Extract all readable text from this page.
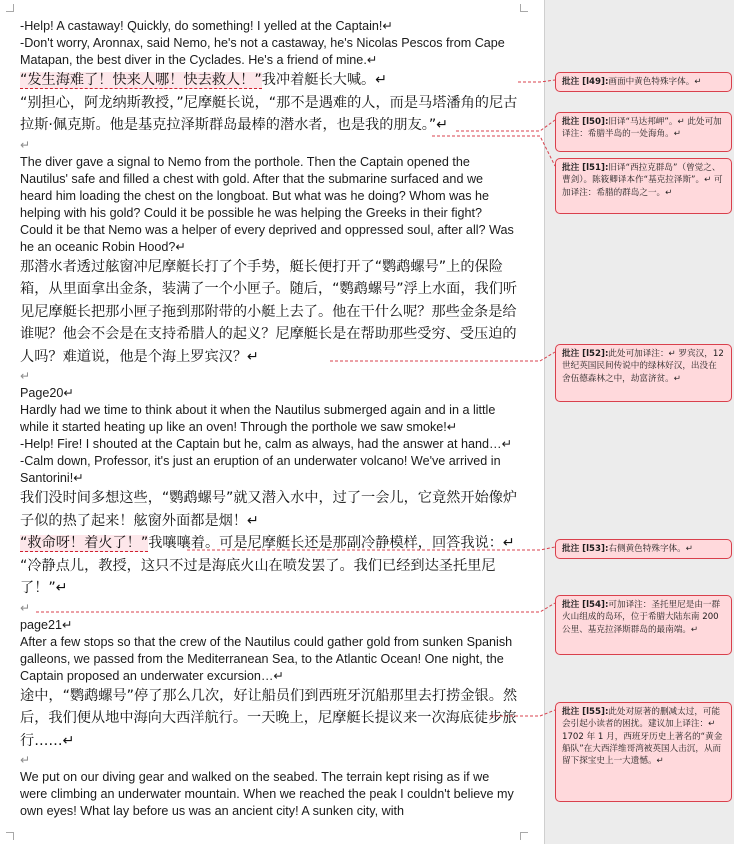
-Help! A castaway! Quickly, do something! I yelled at the Captain!↵
-Don't worry, Aronnax, said Nemo, he's not a castaway, he's Nicolas Pescos from Cape Matapan, the best diver in the Cyclades. He's a friend of mine.↵
“发生海难了！快来人哪！快去救人！”我冲着艇长大喊。↵
“别担心，阿龙纳斯教授，”尼摩艇长说，“那不是遇难的人，而是马塔潘角的尼古拉斯·佩克斯。他是基克拉泽斯群岛最棒的潜水者，也是我的朋友。”↵
↵
The diver gave a signal to Nemo from the porthole. Then the Captain opened the Nautilus' safe and filled a chest with gold. After that the submarine surfaced and we heard him loading the chest on the longboat. But what was he doing? Whom was he helping with his gold? Could it be possible he was helping the Greeks in their fight? Could it be that Nemo was a helper of every deprived and oppressed soul, after all? Was he an oceanic Robin Hood?↵
那潜水者透过舷窗冲尼摩艇长打了个手势，艇长便打开了“鹦鹉螺号”上的保险箱，从里面拿出金条，装满了一个小匣子。随后，“鹦鹉螺号”浮上水面，我们听见尼摩艇长把那小匣子拖到那附带的小艇上去了。他在干什么呢？那些金条是给谁呢？他会不会是在支持希腊人的起义？尼摩艇长是在帮助那些受穷、受压迫的人吗？难道说，他是个海上罗宾汉？↵
↵
Page20↵
Hardly had we time to think about it when the Nautilus submerged again and in a little while it started heating up like an oven! Through the porthole we saw smoke!↵
-Help! Fire! I shouted at the Captain but he, calm as always, had the answer at hand…↵
-Calm down, Professor, it's just an eruption of an underwater volcano! We've arrived in Santorini!↵
我们没时间多想这些，“鹦鹉螺号”就又潜入水中，过了一会儿，它竟然开始像炉子似的热了起来！舷窗外面都是烟！↵
“救命呀！着火了！”我嚷嚷着。可是尼摩艇长还是那副冷静模样，回答我说：↵
“冷静点儿，教授，这只不过是海底火山在喷发罢了。我们已经到达圣托里尼了！”↵
↵
page21↵
After a few stops so that the crew of the Nautilus could gather gold from sunken Spanish galleons, we passed from the Mediterranean Sea, to the Atlantic Ocean! One night, the Captain proposed an underwater excursion…↵
途中，“鹦鹉螺号”停了那么几次，好让船员们到西班牙沉船那里去打捞金银。然后，我们便从地中海向大西洋航行。一天晚上，尼摩艇长提议来一次海底徒步旅行……↵
↵
We put on our diving gear and walked on the seabed. The terrain kept rising as if we were climbing an underwater mountain. When we reached the peak I couldn't believe my own eyes! What lay before us was an ancient city! A sunken city, with
批注 [l49]:画面中黄色特殊字体。↵
批注 [l50]:旧译“马达邦岬”。↵ 此处可加译注：希腊半岛的一处海角。↵
批注 [l51]:旧译“西拉克群岛”（曾觉之、曹剑）。陈筱卿译本作“基克拉泽斯”。↵ 可加译注：希腊的群岛之一。↵
批注 [l52]:此处可加译注：↵ 罗宾汉，12 世纪英国民间传说中的绿林好汉，出没在舍伍德森林之中，劫富济贫。↵
批注 [l53]:右侧黄色特殊字体。↵
批注 [l54]:可加译注：圣托里尼是由一群火山组成的岛环，位于希腊大陆东南 200 公里、基克拉泽斯群岛的最南端。↵
批注 [l55]:此处对原著的删减太过，可能会引起小读者的困扰。建议加上译注：↵ 1702 年 1 月，西班牙历史上著名的“黄金船队”在大西洋维哥湾被英国人击沉，从而留下探宝史上一大遗憾。↵
